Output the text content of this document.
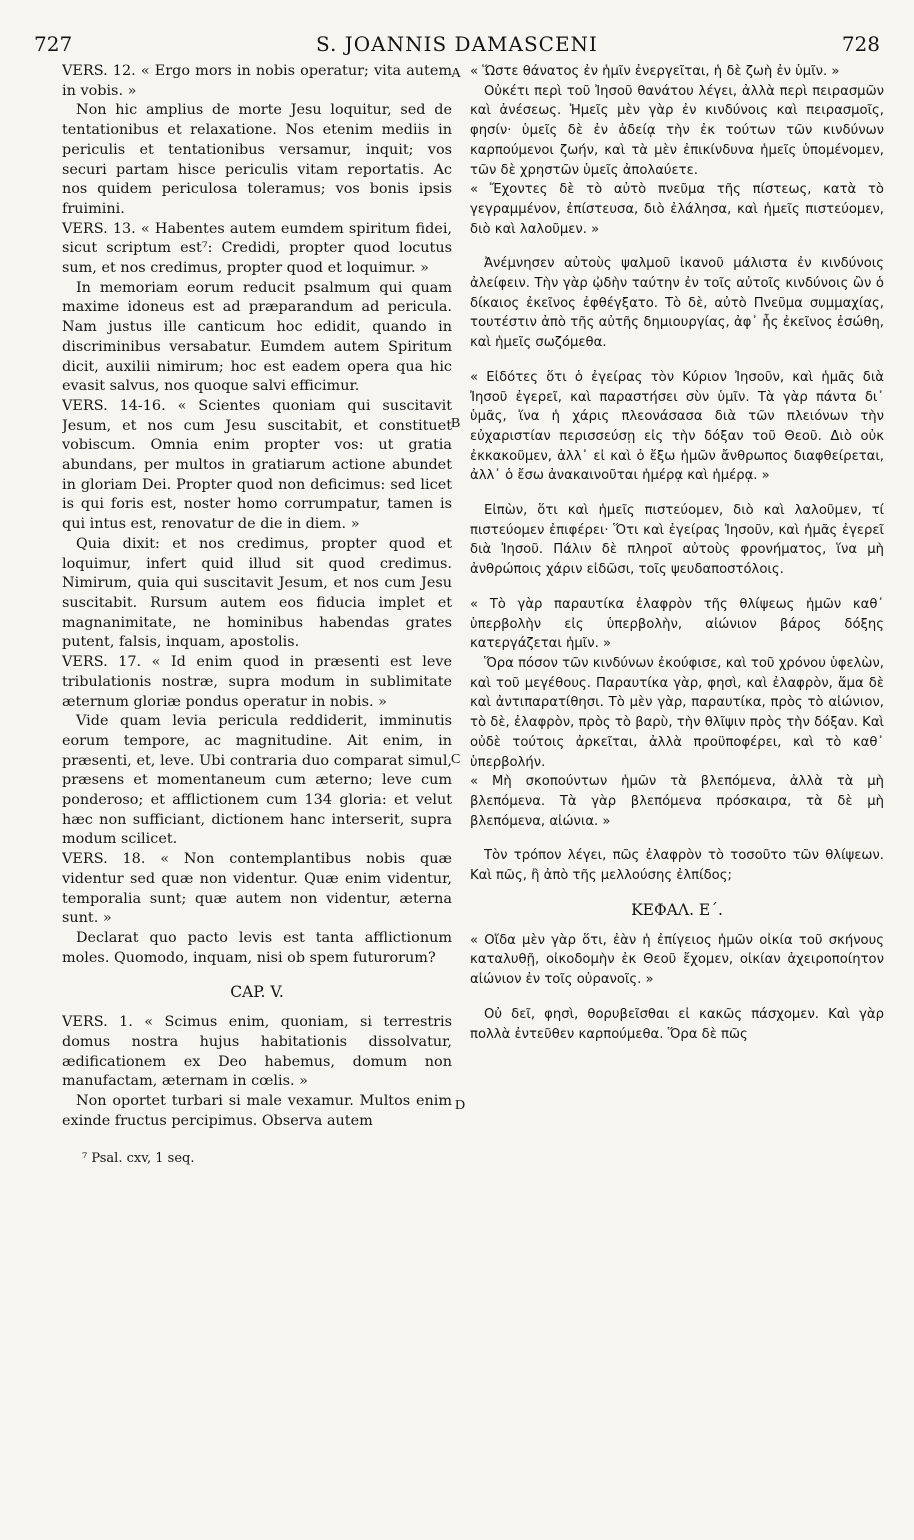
727	S. JOANNIS DAMASCENI	728
A
B
C
D

VERS. 12. « Ergo mors in nobis operatur; vita autem in vobis. »

Non hic amplius de morte Jesu loquitur, sed de tentationibus et relaxatione. Nos etenim mediis in periculis et tentationibus versamur, inquit; vos securi partam hisce periculis vitam reportatis. Ac nos quidem periculosa toleramus; vos bonis ipsis fruimini.

VERS. 13. « Habentes autem eumdem spiritum fidei, sicut scriptum est⁷: Credidi, propter quod locutus sum, et nos credimus, propter quod et loquimur. »

In memoriam eorum reducit psalmum qui quam maxime idoneus est ad præparandum ad pericula. Nam justus ille canticum hoc edidit, quando in discriminibus versabatur. Eumdem autem Spiritum dicit, auxilii nimirum; hoc est eadem opera qua hic evasit salvus, nos quoque salvi efficimur.

VERS. 14-16. « Scientes quoniam qui suscitavit Jesum, et nos cum Jesu suscitabit, et constituet vobiscum. Omnia enim propter vos: ut gratia abundans, per multos in gratiarum actione abundet in gloriam Dei. Propter quod non deficimus: sed licet is qui foris est, noster homo corrumpatur, tamen is qui intus est, renovatur de die in diem. »

Quia dixit: et nos credimus, propter quod et loquimur, infert quid illud sit quod credimus. Nimirum, quia qui suscitavit Jesum, et nos cum Jesu suscitabit. Rursum autem eos fiducia implet et magnanimitate, ne hominibus habendas grates putent, falsis, inquam, apostolis.

VERS. 17. « Id enim quod in præsenti est leve tribulationis nostræ, supra modum in sublimitate æternum gloriæ pondus operatur in nobis. »

Vide quam levia pericula reddiderit, imminutis eorum tempore, ac magnitudine. Ait enim, in præsenti, et, leve. Ubi contraria duo comparat simul, præsens et momentaneum cum æterno; leve cum ponderoso; et afflictionem cum 134 gloria: et velut hæc non sufficiant, dictionem hanc interserit, supra modum scilicet.

VERS. 18. « Non contemplantibus nobis quæ videntur sed quæ non videntur. Quæ enim videntur, temporalia sunt; quæ autem non videntur, æterna sunt. »

Declarat quo pacto levis est tanta afflictionum moles. Quomodo, inquam, nisi ob spem futurorum?

CAP. V.

VERS. 1. « Scimus enim, quoniam, si terrestris domus nostra hujus habitationis dissolvatur, ædificationem ex Deo habemus, domum non manufactam, æternam in cœlis. »

Non oportet turbari si male vexamur. Multos enim exinde fructus percipimus. Observa autem

⁷ Psal. cxv, 1 seq.

« Ὥστε θάνατος ἐν ἡμῖν ἐνεργεῖται, ἡ δὲ ζωὴ ἐν ὑμῖν. »

Οὐκέτι περὶ τοῦ Ἰησοῦ θανάτου λέγει, ἀλλὰ περὶ πειρασμῶν καὶ ἀνέσεως. Ἡμεῖς μὲν γὰρ ἐν κινδύνοις καὶ πειρασμοῖς, φησίν· ὑμεῖς δὲ ἐν ἀδείᾳ τὴν ἐκ τούτων τῶν κινδύνων καρπούμενοι ζωήν, καὶ τὰ μὲν ἐπικίνδυνα ἡμεῖς ὑπομένομεν, τῶν δὲ χρηστῶν ὑμεῖς ἀπολαύετε.

« Ἔχοντες δὲ τὸ αὐτὸ πνεῦμα τῆς πίστεως, κατὰ τὸ γεγραμμένον, ἐπίστευσα, διὸ ἐλάλησα, καὶ ἡμεῖς πιστεύομεν, διὸ καὶ λαλοῦμεν. »

Ἀνέμνησεν αὐτοὺς ψαλμοῦ ἱκανοῦ μάλιστα ἐν κινδύνοις ἀλείφειν. Τὴν γὰρ ᾠδὴν ταύτην ἐν τοῖς αὐτοῖς κινδύνοις ὢν ὁ δίκαιος ἐκεῖνος ἐφθέγξατο. Τὸ δὲ, αὐτὸ Πνεῦμα συμμαχίας, τουτέστιν ἀπὸ τῆς αὐτῆς δημιουργίας, ἀφ᾽ ἧς ἐκεῖνος ἐσώθη, καὶ ἡμεῖς σωζόμεθα.

« Εἰδότες ὅτι ὁ ἐγείρας τὸν Κύριον Ἰησοῦν, καὶ ἡμᾶς διὰ Ἰησοῦ ἐγερεῖ, καὶ παραστήσει σὺν ὑμῖν. Τὰ γὰρ πάντα δι᾽ ὑμᾶς, ἵνα ἡ χάρις πλεονάσασα διὰ τῶν πλειόνων τὴν εὐχαριστίαν περισσεύσῃ εἰς τὴν δόξαν τοῦ Θεοῦ. Διὸ οὐκ ἐκκακοῦμεν, ἀλλ᾽ εἰ καὶ ὁ ἔξω ἡμῶν ἄνθρωπος διαφθείρεται, ἀλλ᾽ ὁ ἔσω ἀνακαινοῦται ἡμέρᾳ καὶ ἡμέρᾳ. »

Εἰπὼν, ὅτι καὶ ἡμεῖς πιστεύομεν, διὸ καὶ λαλοῦμεν, τί πιστεύομεν ἐπιφέρει· Ὅτι καὶ ἐγείρας Ἰησοῦν, καὶ ἡμᾶς ἐγερεῖ διὰ Ἰησοῦ. Πάλιν δὲ πληροῖ αὐτοὺς φρονήματος, ἵνα μὴ ἀνθρώποις χάριν εἰδῶσι, τοῖς ψευδαποστόλοις.

« Τὸ γὰρ παραυτίκα ἐλαφρὸν τῆς θλίψεως ἡμῶν καθ᾽ ὑπερβολὴν εἰς ὑπερβολὴν, αἰώνιον βάρος δόξης κατεργάζεται ἡμῖν. »

Ὅρα πόσον τῶν κινδύνων ἐκούφισε, καὶ τοῦ χρόνου ὑφελὼν, καὶ τοῦ μεγέθους. Παραυτίκα γὰρ, φησὶ, καὶ ἐλαφρὸν, ἅμα δὲ καὶ ἀντιπαρατίθησι. Τὸ μὲν γὰρ, παραυτίκα, πρὸς τὸ αἰώνιον, τὸ δὲ, ἐλαφρὸν, πρὸς τὸ βαρὺ, τὴν θλῖψιν πρὸς τὴν δόξαν. Καὶ οὐδὲ τούτοις ἀρκεῖται, ἀλλὰ προϋποφέρει, καὶ τὸ καθ᾽ ὑπερβολήν.

« Μὴ σκοπούντων ἡμῶν τὰ βλεπόμενα, ἀλλὰ τὰ μὴ βλεπόμενα. Τὰ γὰρ βλεπόμενα πρόσκαιρα, τὰ δὲ μὴ βλεπόμενα, αἰώνια. »

Τὸν τρόπον λέγει, πῶς ἐλαφρὸν τὸ τοσοῦτο τῶν θλίψεων. Καὶ πῶς, ἢ ἀπὸ τῆς μελλούσης ἐλπίδος;

ΚΕΦΑΛ. Ε΄.

« Οἴδα μὲν γὰρ ὅτι, ἐὰν ἡ ἐπίγειος ἡμῶν οἰκία τοῦ σκήνους καταλυθῇ, οἰκοδομὴν ἐκ Θεοῦ ἔχομεν, οἰκίαν ἀχειροποίητον αἰώνιον ἐν τοῖς οὐρανοῖς. »

Οὐ δεῖ, φησὶ, θορυβεῖσθαι εἰ κακῶς πάσχομεν. Καὶ γὰρ πολλὰ ἐντεῦθεν καρπούμεθα. Ὅρα δὲ πῶς
